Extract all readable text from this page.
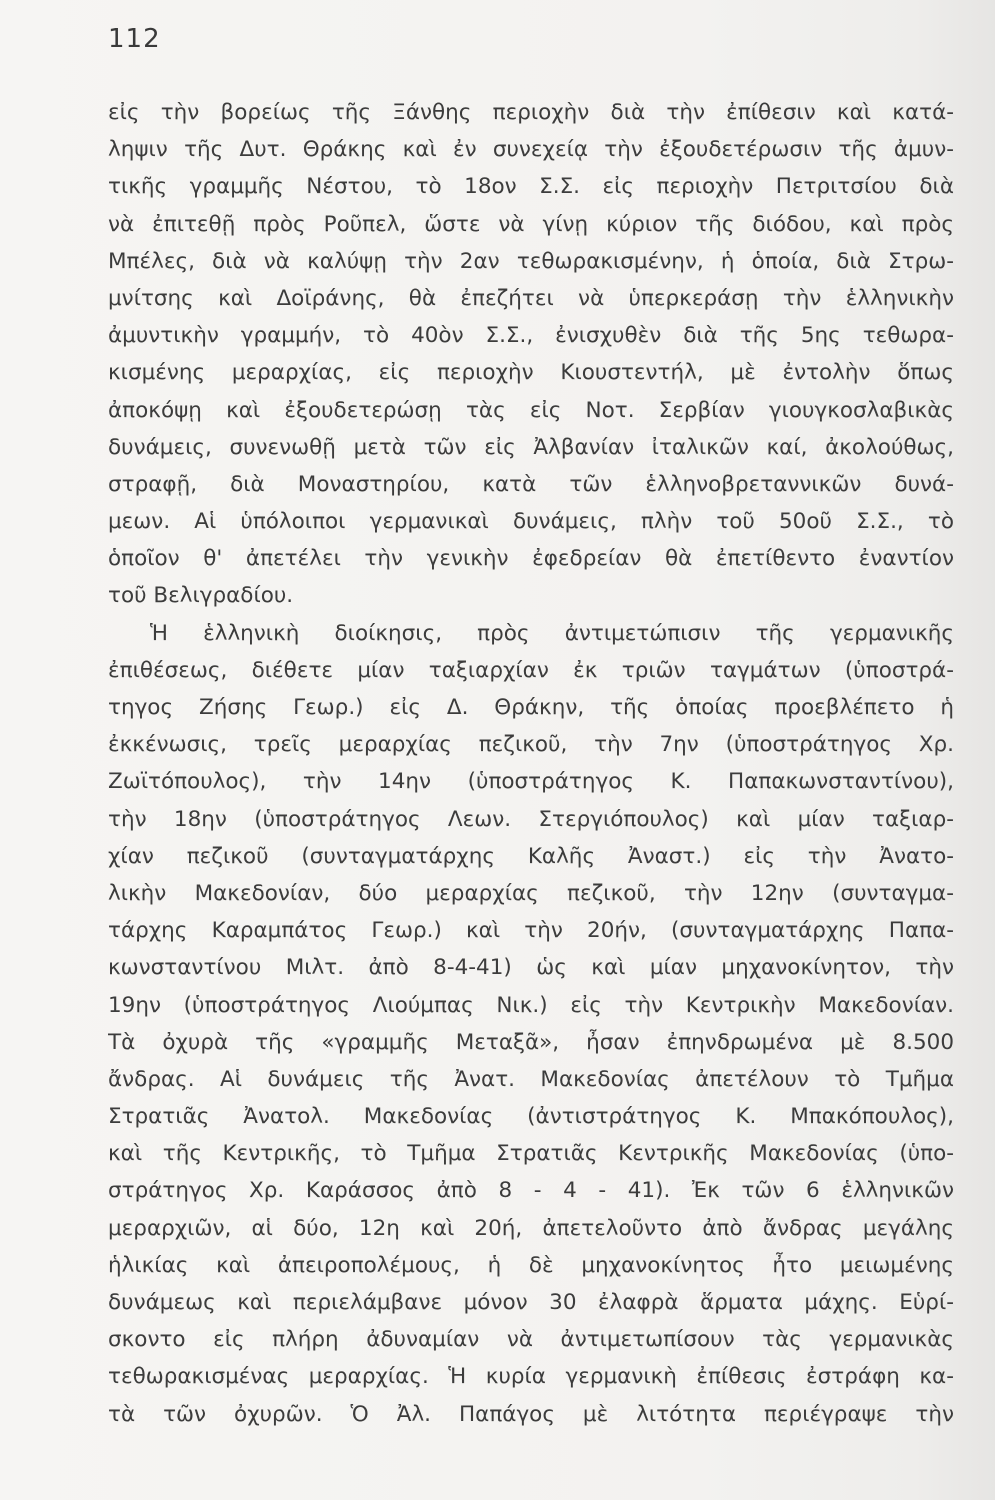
112
εἰς τὴν βορείως τῆς Ξάνθης περιοχὴν διὰ τὴν ἐπίθεσιν καὶ κατά-
ληψιν τῆς Δυτ. Θράκης καὶ ἐν συνεχείᾳ τὴν ἐξουδετέρωσιν τῆς ἀμυν-
τικῆς γραμμῆς Νέστου, τὸ 18ον Σ.Σ. εἰς περιοχὴν Πετριτσίου διὰ
νὰ ἐπιτεθῇ πρὸς Ροῦπελ, ὥστε νὰ γίνῃ κύριον τῆς διόδου, καὶ πρὸς
Μπέλες, διὰ νὰ καλύψῃ τὴν 2αν τεθωρακισμένην, ἡ ὁποία, διὰ Στρω-
μνίτσης καὶ Δοϊράνης, θὰ ἐπεζήτει νὰ ὑπερκεράσῃ τὴν ἑλληνικὴν
ἀμυντικὴν γραμμήν, τὸ 40ὸν Σ.Σ., ἐνισχυθὲν διὰ τῆς 5ης τεθωρα-
κισμένης μεραρχίας, εἰς περιοχὴν Κιουστεντήλ, μὲ ἐντολὴν ὅπως
ἀποκόψῃ καὶ ἐξουδετερώσῃ τὰς εἰς Νοτ. Σερβίαν γιουγκοσλαβικὰς
δυνάμεις, συνενωθῇ μετὰ τῶν εἰς Ἀλβανίαν ἰταλικῶν καί, ἀκολούθως,
στραφῇ, διὰ Μοναστηρίου, κατὰ τῶν ἑλληνοβρεταννικῶν δυνά-
μεων. Αἱ ὑπόλοιποι γερμανικαὶ δυνάμεις, πλὴν τοῦ 50οῦ Σ.Σ., τὸ
ὁποῖον θ' ἀπετέλει τὴν γενικὴν ἐφεδρείαν θὰ ἐπετίθεντο ἐναντίον
τοῦ Βελιγραδίου.
Ἡ ἑλληνικὴ διοίκησις, πρὸς ἀντιμετώπισιν τῆς γερμανικῆς
ἐπιθέσεως, διέθετε μίαν ταξιαρχίαν ἐκ τριῶν ταγμάτων (ὑποστρά-
τηγος Ζήσης Γεωρ.) εἰς Δ. Θράκην, τῆς ὁποίας προεβλέπετο ἡ
ἐκκένωσις, τρεῖς μεραρχίας πεζικοῦ, τὴν 7ην (ὑποστράτηγος Χρ.
Ζωϊτόπουλος), τὴν 14ην (ὑποστράτηγος Κ. Παπακωνσταντίνου),
τὴν 18ην (ὑποστράτηγος Λεων. Στεργιόπουλος) καὶ μίαν ταξιαρ-
χίαν πεζικοῦ (συνταγματάρχης Καλῆς Ἀναστ.) εἰς τὴν Ἀνατο-
λικὴν Μακεδονίαν, δύο μεραρχίας πεζικοῦ, τὴν 12ην (συνταγμα-
τάρχης Καραμπάτος Γεωρ.) καὶ τὴν 20ήν, (συνταγματάρχης Παπα-
κωνσταντίνου Μιλτ. ἀπὸ 8-4-41) ὡς καὶ μίαν μηχανοκίνητον, τὴν
19ην (ὑποστράτηγος Λιούμπας Νικ.) εἰς τὴν Κεντρικὴν Μακεδονίαν.
Τὰ ὀχυρὰ τῆς «γραμμῆς Μεταξᾶ», ἦσαν ἐπηνδρωμένα μὲ 8.500
ἄνδρας. Αἱ δυνάμεις τῆς Ἀνατ. Μακεδονίας ἀπετέλουν τὸ Τμῆμα
Στρατιᾶς Ἀνατολ. Μακεδονίας (ἀντιστράτηγος Κ. Μπακόπουλος),
καὶ τῆς Κεντρικῆς, τὸ Τμῆμα Στρατιᾶς Κεντρικῆς Μακεδονίας (ὑπο-
στράτηγος Χρ. Καράσσος ἀπὸ 8 - 4 - 41). Ἐκ τῶν 6 ἑλληνικῶν
μεραρχιῶν, αἱ δύο, 12η καὶ 20ή, ἀπετελοῦντο ἀπὸ ἄνδρας μεγάλης
ἡλικίας καὶ ἀπειροπολέμους, ἡ δὲ μηχανοκίνητος ἦτο μειωμένης
δυνάμεως καὶ περιελάμβανε μόνον 30 ἐλαφρὰ ἅρματα μάχης. Εὑρί-
σκοντο εἰς πλήρη ἀδυναμίαν νὰ ἀντιμετωπίσουν τὰς γερμανικὰς
τεθωρακισμένας μεραρχίας. Ἡ κυρία γερμανικὴ ἐπίθεσις ἐστράφη κα-
τὰ τῶν ὀχυρῶν. Ὁ Ἀλ. Παπάγος μὲ λιτότητα περιέγραψε τὴν
